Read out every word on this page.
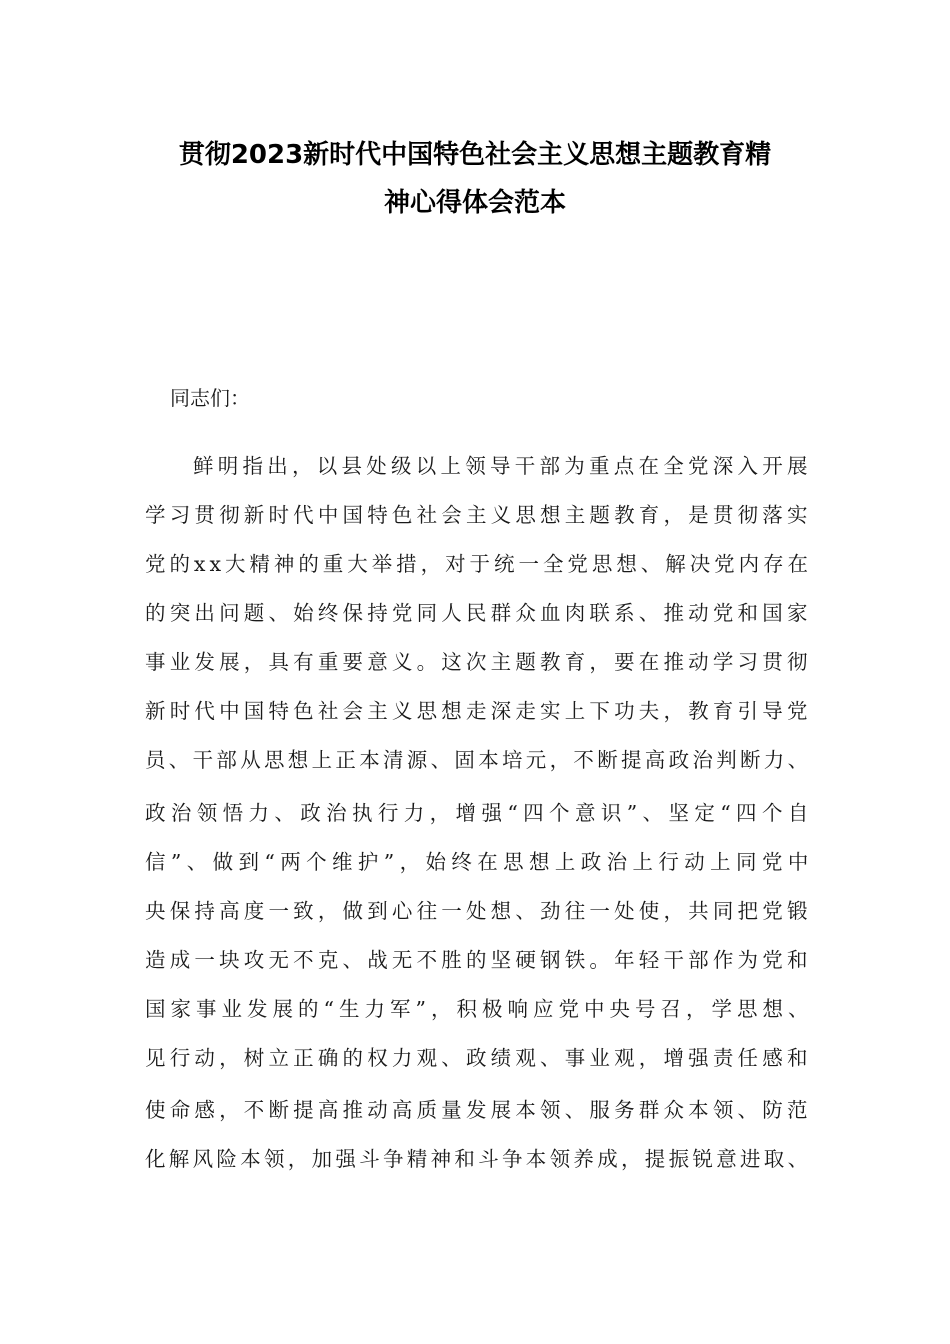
贯彻2023新时代中国特色社会主义思想主题教育精
神心得体会范本
同志们：
鲜明指出，以县处级以上领导干部为重点在全党深入开展
学习贯彻新时代中国特色社会主义思想主题教育，是贯彻落实
党的xx大精神的重大举措，对于统一全党思想、解决党内存在
的突出问题、始终保持党同人民群众血肉联系、推动党和国家
事业发展，具有重要意义。这次主题教育，要在推动学习贯彻
新时代中国特色社会主义思想走深走实上下功夫，教育引导党
员、干部从思想上正本清源、固本培元，不断提高政治判断力、
政治领悟力、政治执行力，增强“四个意识”、坚定“四个自
信”、做到“两个维护”，始终在思想上政治上行动上同党中
央保持高度一致，做到心往一处想、劲往一处使，共同把党锻
造成一块攻无不克、战无不胜的坚硬钢铁。年轻干部作为党和
国家事业发展的“生力军”，积极响应党中央号召，学思想、
见行动，树立正确的权力观、政绩观、事业观，增强责任感和
使命感，不断提高推动高质量发展本领、服务群众本领、防范
化解风险本领，加强斗争精神和斗争本领养成，提振锐意进取、
